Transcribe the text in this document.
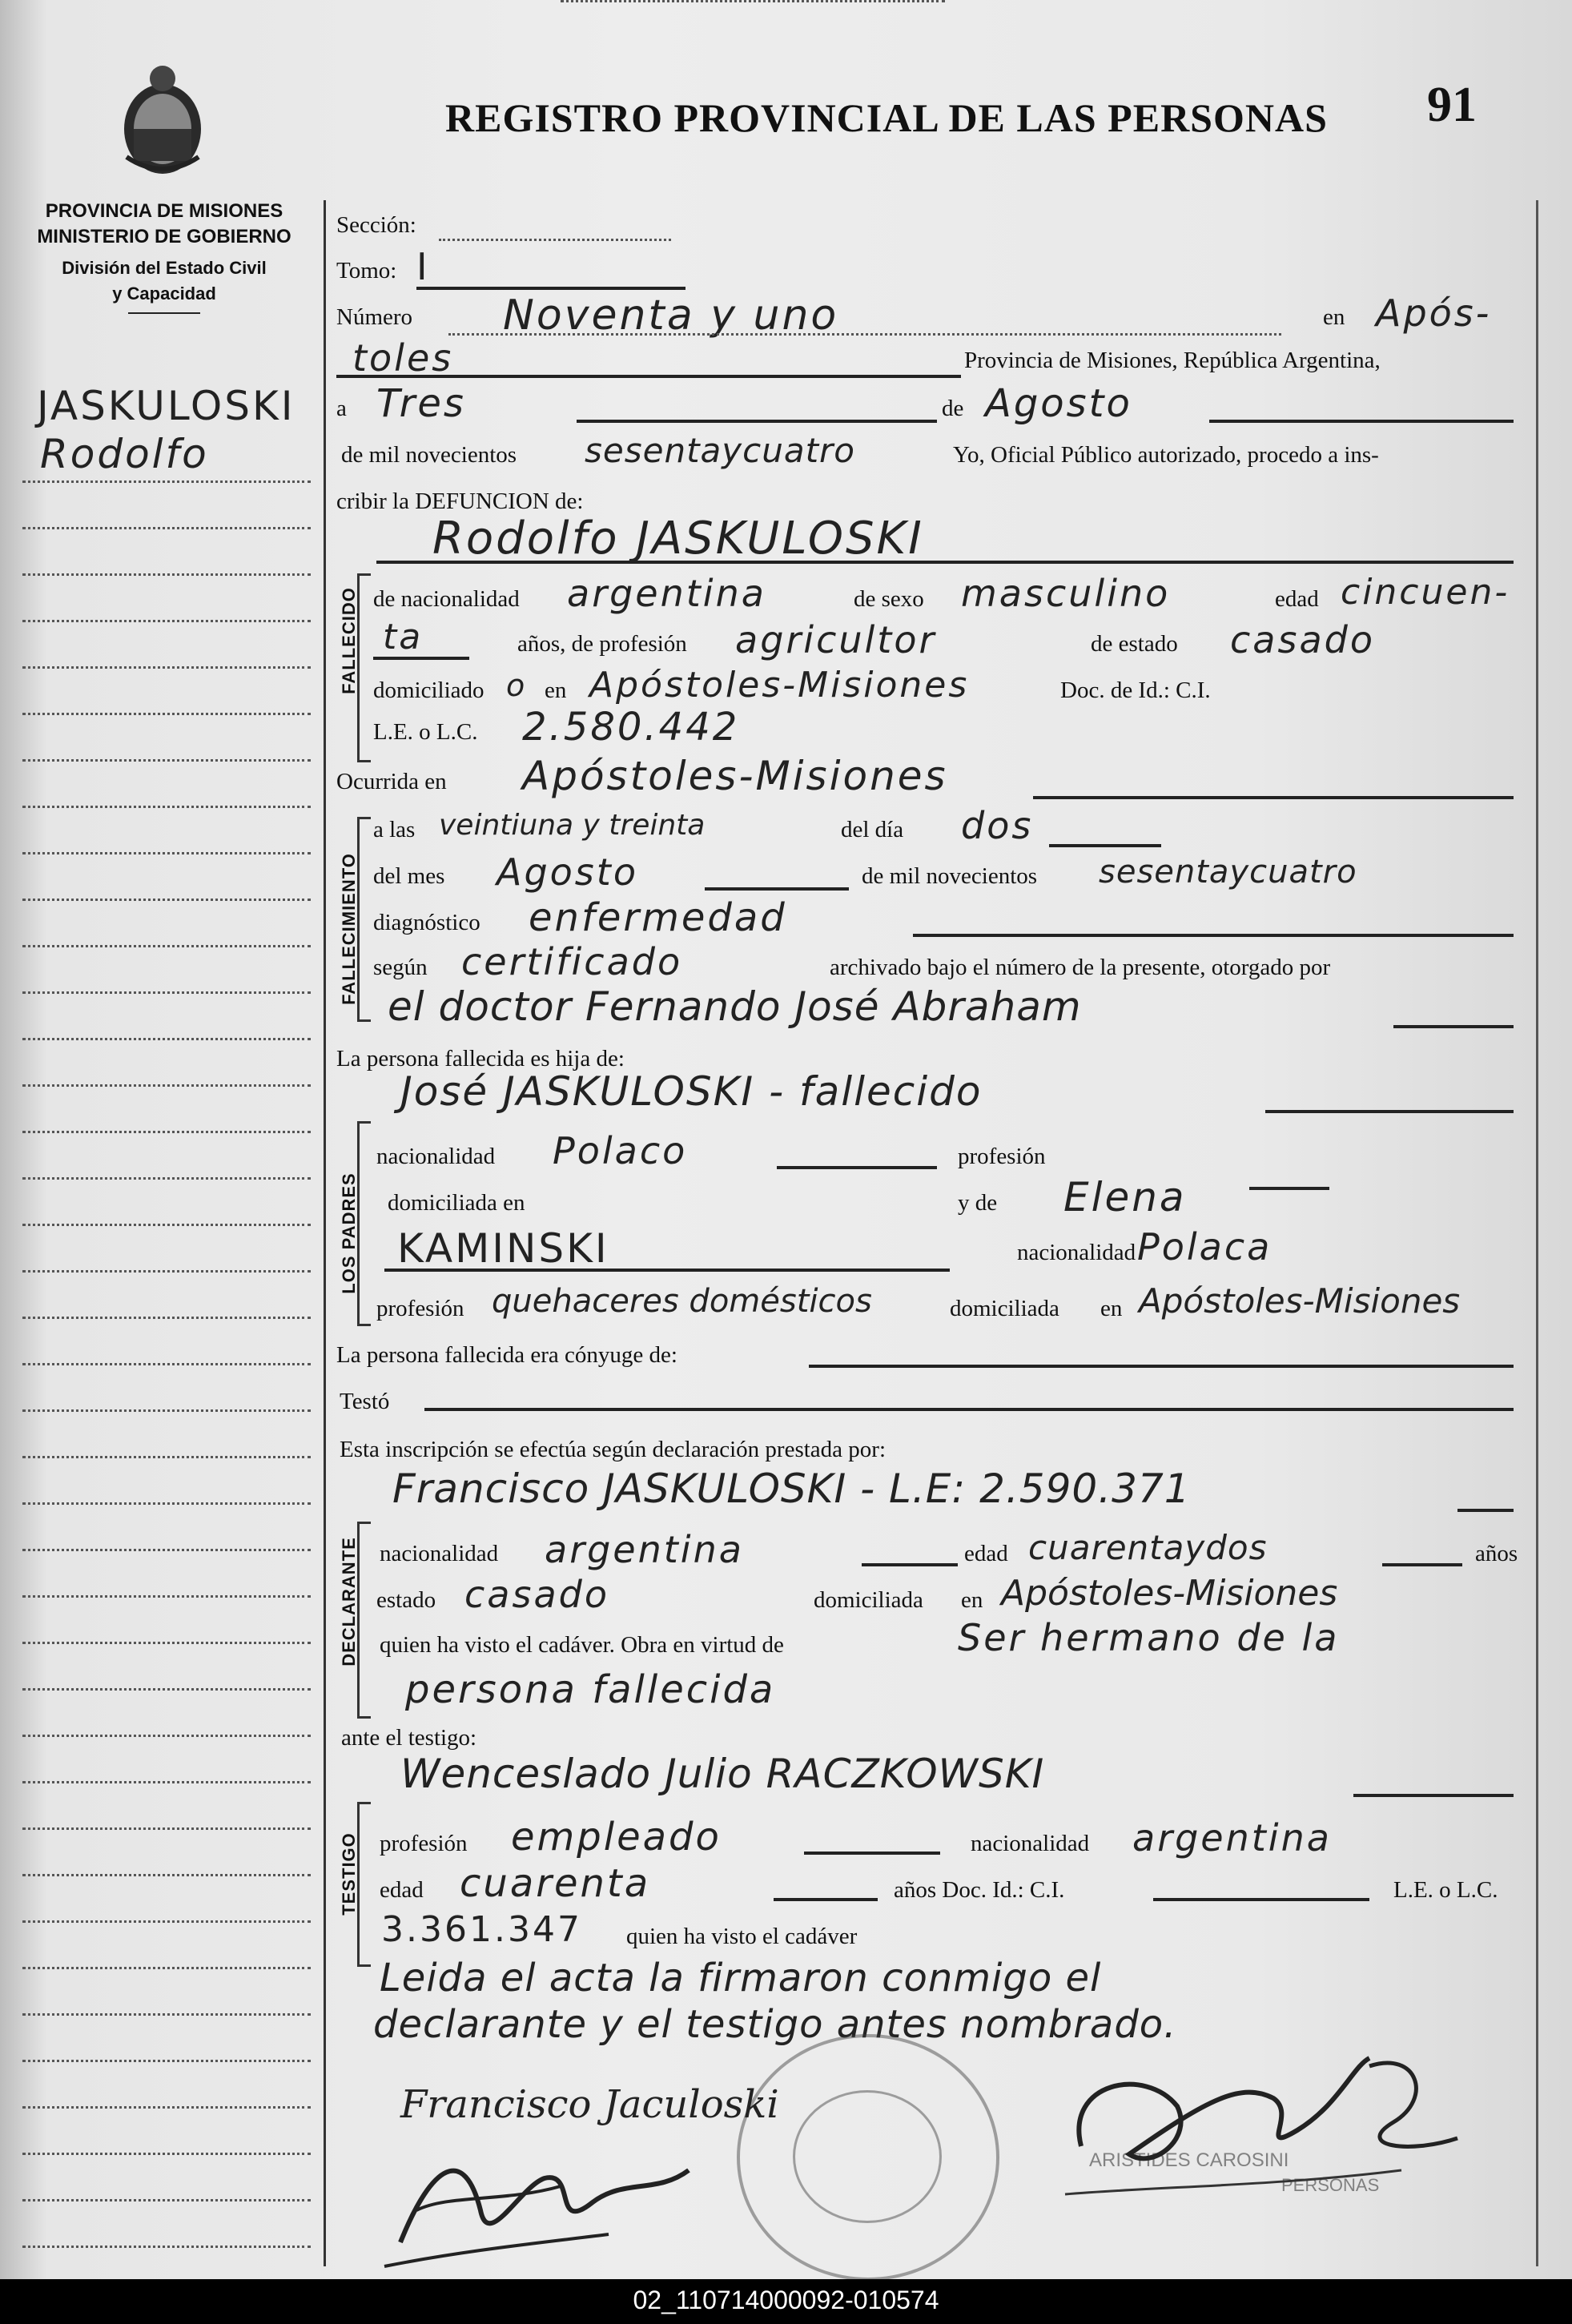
PROVINCIA DE MISIONES
MINISTERIO DE GOBIERNO
División del Estado Civil
y Capacidad
REGISTRO PROVINCIAL DE LAS PERSONAS 91
JASKULOSKI
Rodolfo
Sección:
Tomo: I
Número Noventa y uno	en Após-
toles	Provincia de Misiones, República Argentina,
a Tres	de Agosto
de mil novecientos sesentaycuatro	Yo, Oficial Público autorizado, procedo a ins-
cribir la DEFUNCION de:
FALLECIDO
Rodolfo JASKULOSKI
de nacionalidad argentina	de sexo masculino	edad cincuen-
ta	años, de profesión agricultor	de estado casado
domiciliado o en Apóstoles-Misiones	Doc. de Id.: C.I.
L.E. o L.C. 2.580.442
Ocurrida en Apóstoles-Misiones
FALLECIMIENTO
a las veintiuna y treinta	del día dos
del mes Agosto	de mil novecientos sesentaycuatro
diagnóstico enfermedad
según certificado	archivado bajo el número de la presente, otorgado por
el doctor Fernando José Abraham
La persona fallecida es hija de:
LOS PADRES
José JASKULOSKI - fallecido
nacionalidad Polaco	profesión
domiciliada en	y de Elena
KAMINSKI	nacionalidad Polaca
profesión quehaceres domésticos	domiciliada en Apóstoles-Misiones
La persona fallecida era cónyuge de:
Testó
Esta inscripción se efectúa según declaración prestada por:
DECLARANTE
Francisco JASKULOSKI - L.E: 2.590.371
nacionalidad argentina	edad cuarentaydos	años
estado casado	domiciliada en Apóstoles-Misiones
quien ha visto el cadáver. Obra en virtud de	Ser hermano de la
persona fallecida
ante el testigo:
TESTIGO
Wenceslado Julio RACZKOWSKI
profesión empleado	nacionalidad argentina
edad cuarenta	años Doc. Id.: C.I.	L.E. o L.C.
3.361.347 quien ha visto el cadáver
Leida el acta la firmaron conmigo el
declarante y el testigo antes nombrado.
ARISTIDES CAROSINI
PERSONAS
Francisco Jaculoski
02_110714000092-010574
